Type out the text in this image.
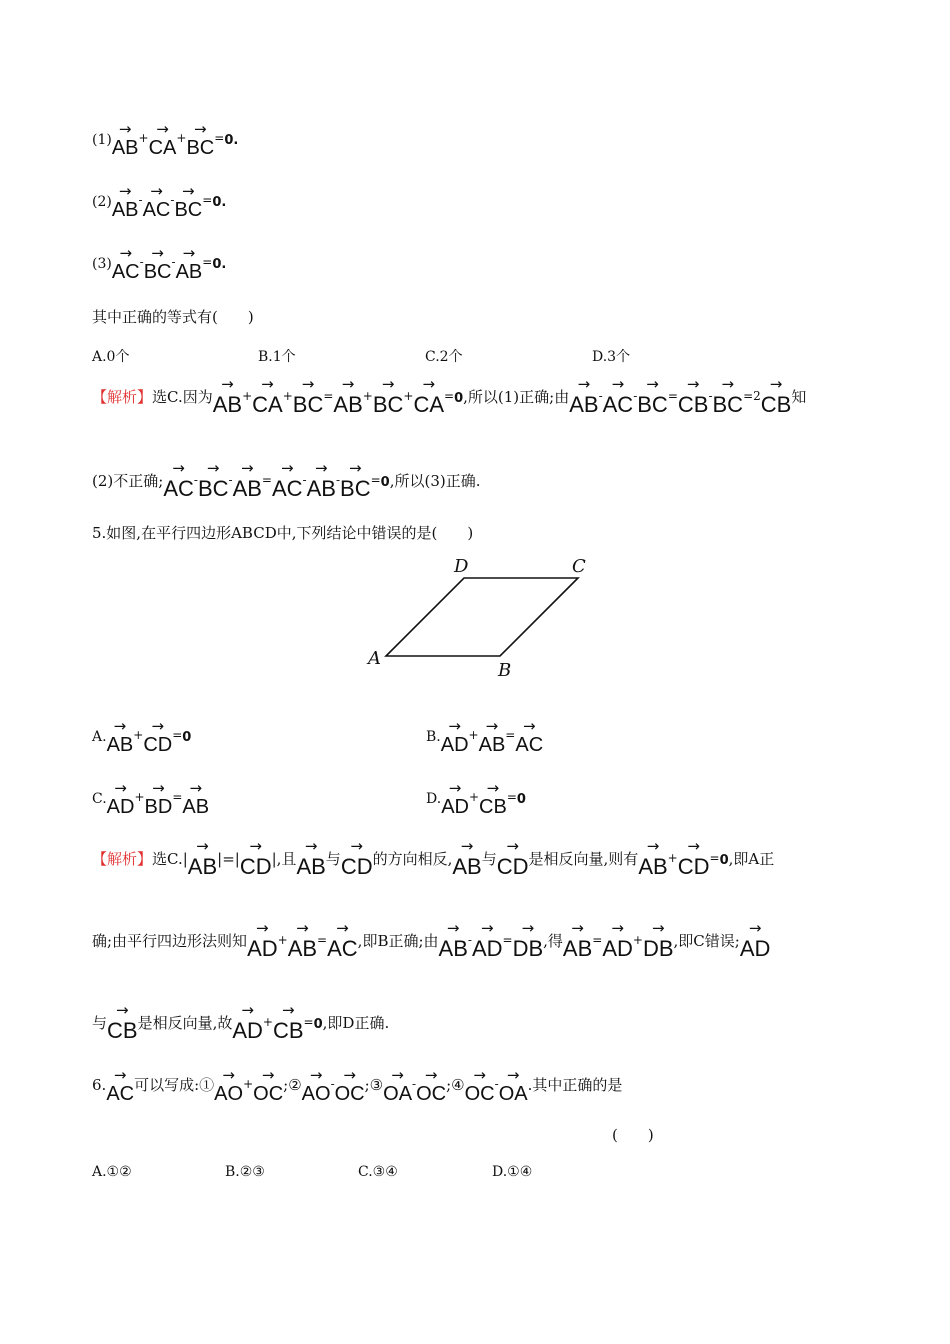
(1)
→
AB+ →
CA+ →
BC=0.
(2)
→
AB- →
AC- →
BC=0.
(3)
→
AC- →
BC- →
AB=0.
其中正确的等式有(　　)
A.0个	B.1个	C.2个	D.3个
【解析】选C.因为
→
AB+
→
CA+
→
BC=
→
AB+
→
BC+
→
CA=0,所以(1)正确;由
→
AB-
→
AC-
→
BC=
→
CB-
→
$BC^{=2}$
→
CB知
(2)不正确;
→
AC-
→
BC-
→
AB=
→
AC-
→
AB-
→
BC=0,所以(3)正确.
5.如图,在平行四边形ABCD中,下列结论中错误的是(　　)
A
B
C
D
A.
→
AB+ →
CD=0	B.
→
AD+ →
AB= →
AC
C.
→
AD+ →
BD= →
AB	D.
→
AD+ →
CB=0
【解析】选C.|
→
AB|=|
→
CD|,且
→
AB与
→
CD的方向相反,
→
AB与
→
CD是相反向量,则有
→
AB+
→
CD=0,即A正
确;由平行四边形法则知
→
AD+
→
AB=
→
AC,即B正确;由
→
AB-
→
AD=
→
DB,得
→
AB=
→
AD+
→
DB,即C错误;
→
AD
与
→
CB是相反向量,故
→
AD+
→
CB=0,即D正确.
6.
→
AC可以写成:①
→
AO+ →
OC;②
→
AO- →
OC;③
→
OA- →
OC;④
→
OC- →
OA.其中正确的是
(　　)
A.①②	B.②③	C.③④	D.①④
